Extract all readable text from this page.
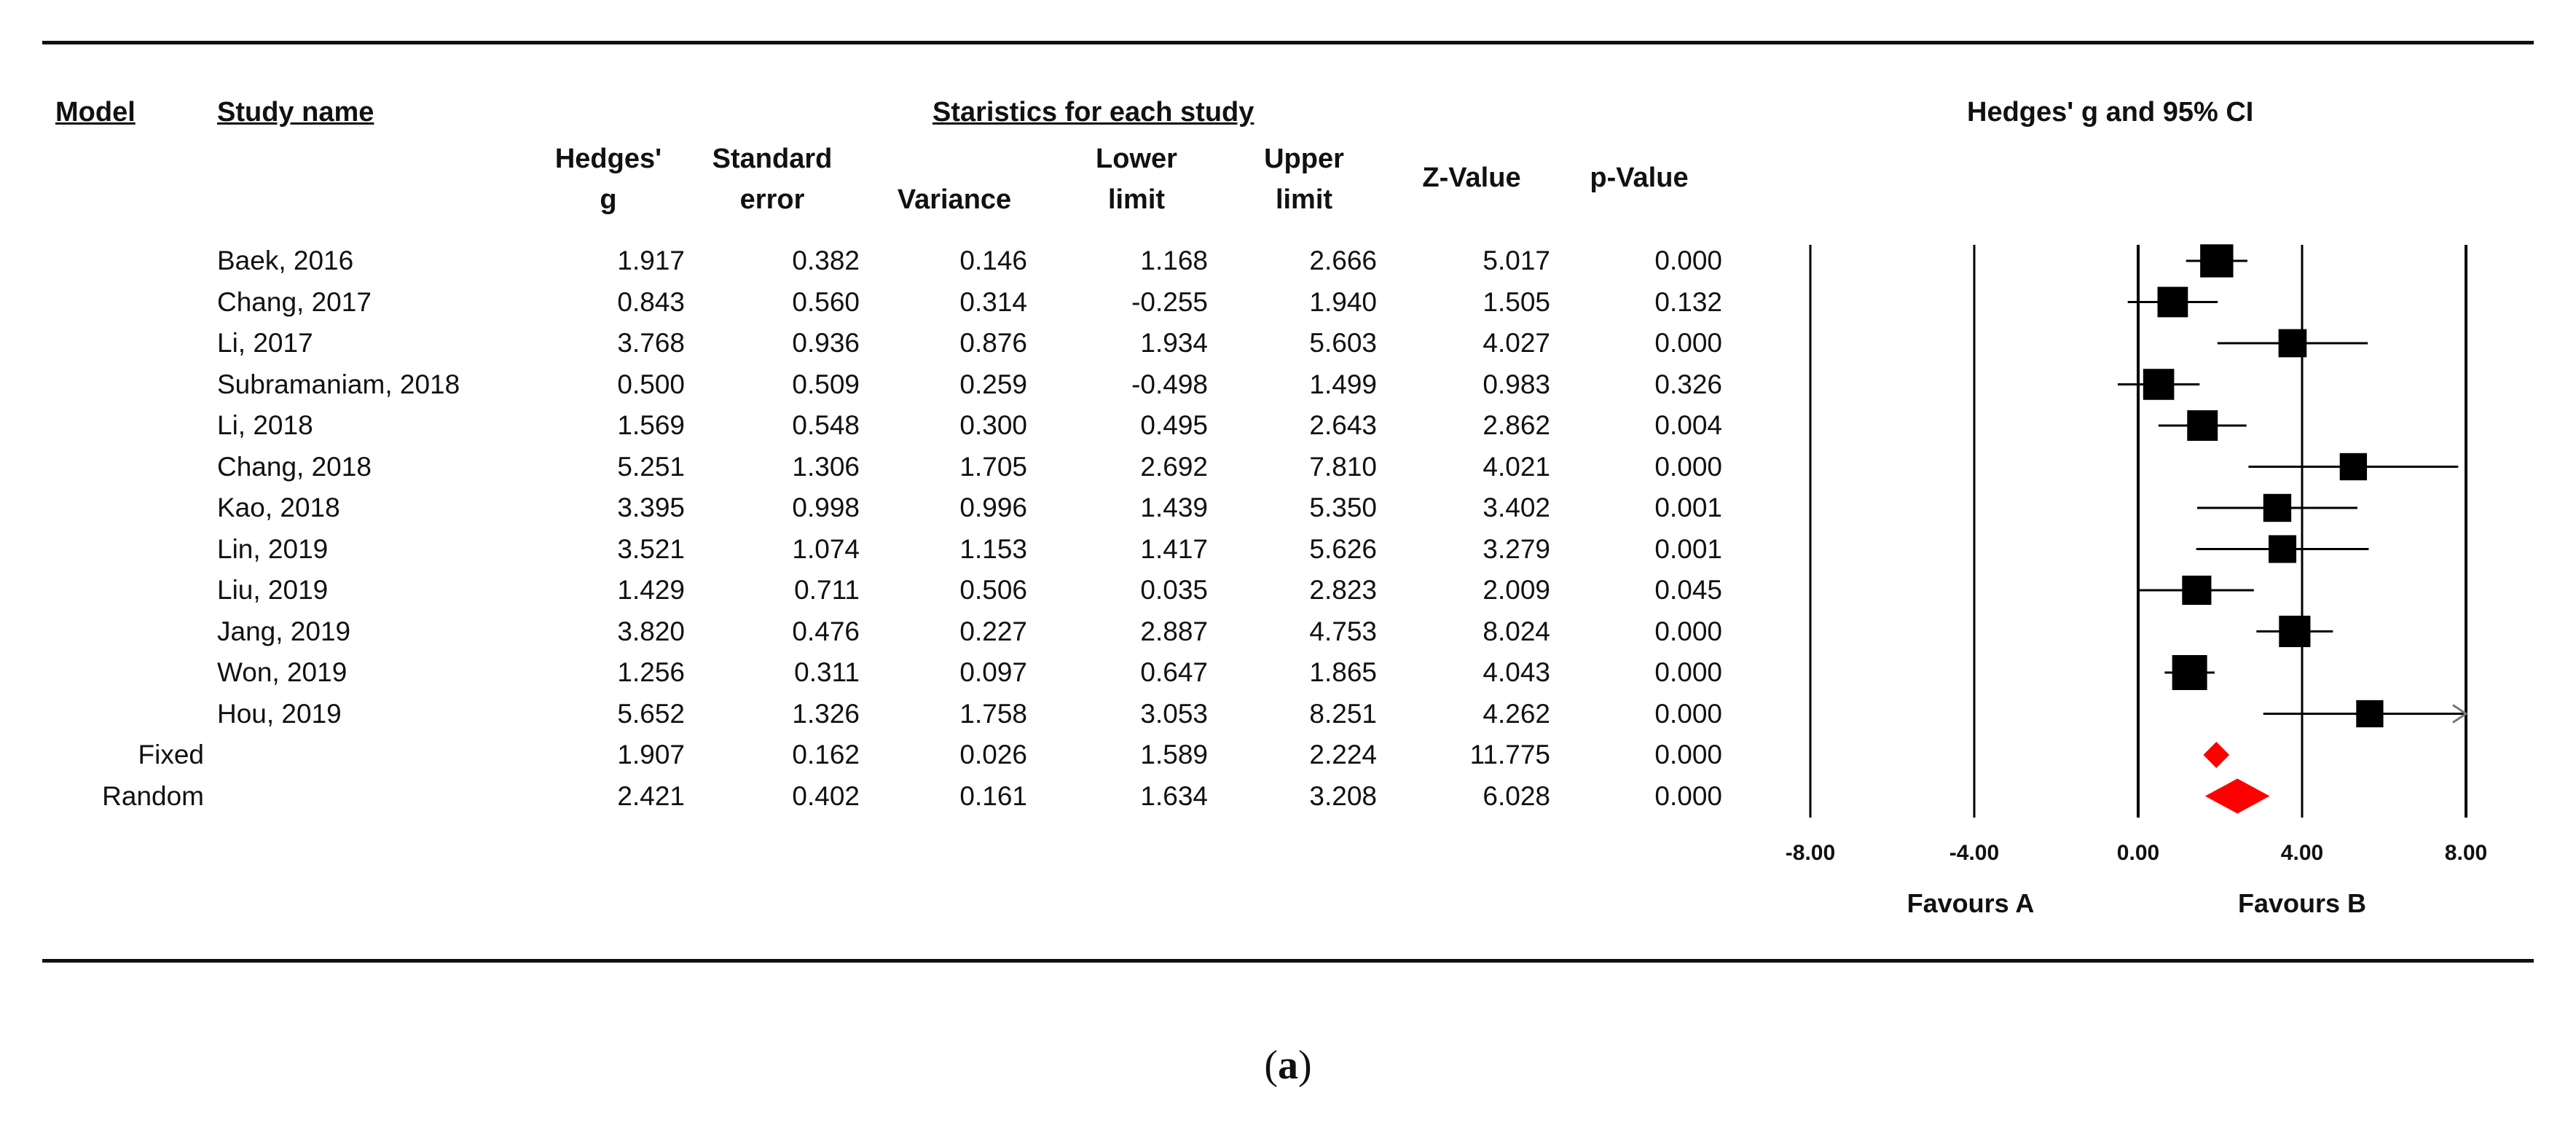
Model	Study name	Staristics for each study	Hedges' g and 95% CI
Hedges'
g
Standard
error	Variance
Lower
limit
Upper
limit
Z-Value	p-Value
Baek, 2016	1.917	0.382	0.146	1.168	2.666	5.017	0.000
Chang, 2017	0.843	0.560	0.314	-0.255	1.940	1.505	0.132
Li, 2017	3.768	0.936	0.876	1.934	5.603	4.027	0.000
Subramaniam, 2018	0.500	0.509	0.259	-0.498	1.499	0.983	0.326
Li, 2018	1.569	0.548	0.300	0.495	2.643	2.862	0.004
Chang, 2018	5.251	1.306	1.705	2.692	7.810	4.021	0.000
Kao, 2018	3.395	0.998	0.996	1.439	5.350	3.402	0.001
Lin, 2019	3.521	1.074	1.153	1.417	5.626	3.279	0.001
Liu, 2019	1.429	0.711	0.506	0.035	2.823	2.009	0.045
Jang, 2019	3.820	0.476	0.227	2.887	4.753	8.024	0.000
Won, 2019	1.256	0.311	0.097	0.647	1.865	4.043	0.000
Hou, 2019	5.652	1.326	1.758	3.053	8.251	4.262	0.000
Fixed	1.907	0.162	0.026	1.589	2.224	11.775	0.000
Random	2.421	0.402	0.161	1.634	3.208	6.028	0.000
-8.00	-4.00	0.00	4.00	8.00
Favours A	Favours B
(a)
